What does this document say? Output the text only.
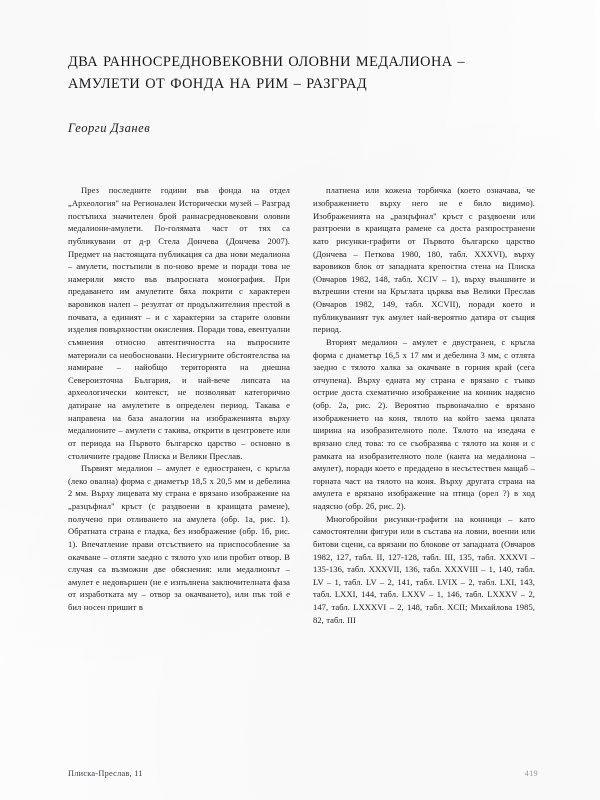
ДВА РАННОСРЕДНОВЕКОВНИ ОЛОВНИ МЕДАЛИОНА –
АМУЛЕТИ ОТ ФОНДА НА РИМ – РАЗГРАД
Георги Дзанев

През последните години във фонда на отдел „Археология" на Регионален Исторически музей – Разград постъпиха значителен брой раннасредновековни оловни медалиони-амулети. По-голямата част от тях са публикувани от д-р Стела Дончева (Дончева 2007). Предмет на настоящата публикация са два нови медалиона – амулети, постъпили в по-ново време и поради това не намерили място във въпросната монография. При предаването им амулетите бяха покрити с характерен варовиков налеп – резултат от продължителния престой в почвата, а единият – и с характерни за старите оловни изделия повърхностни окисления. Поради това, евентуални съмнения относно автентичността на въпросните материали са необосновани. Несигурните обстоятелства на намиране – найобщо територията на днешна Североизточна България, и най-вече липсата на археологически контекст, не позволяват категорично датиране на амулетите в определен период. Такава е направена на база аналогии на изображенията върху медалионите – амулети с такива, открити в центровете или от периода на Първото българско царство – основно в столичните градове Плиска и Велики Преслав.

Първият медалион – амулет е едностранен, с кръгла (леко овална) форма с диаметър 18,5 х 20,5 мм и дебелина 2 мм. Върху лицевата му страна е врязано изображение на „разцъфнал" кръст (с раздвоени в краищата рамене), получено при отливането на амулета (обр. 1а, рис. 1). Обратната страна е гладка, без изображение (обр. 1б, рис. 1). Впечатление прави отсъствието на приспособление за окачване – отляти заедно с тялото ухо или пробит отвор. В случая са възможни две обяснения: или медалионът – амулет е недовършен (не е изпълнена заключителната фаза от изработката му – отвор за окачването), или пък той е бил носен пришит в

платнена или кожена торбичка (което означава, че изображението върху него не е било видимо). Изображенията на „разцъфнал" кръст с раздвоени или разтроени в краищата рамене са доста разпространени като рисунки-графити от Първото българско царство (Дончева – Петкова 1980, 180, табл. XXXVI), върху варовиков блок от западната крепостна стена на Плиска (Овчаров 1982, 148, табл. XCIV – 1), върху външните и вътрешни стени на Кръглата църква във Велики Преслав (Овчаров 1982, 149, табл. XCVII), поради което и публикуваният тук амулет най-вероятно датира от същия период.

Вторият медалион – амулет е двустранен, с кръгла форма с диаметър 16,5 х 17 мм и дебелина 3 мм, с отлята заедно с тялото халка за окачване в горния край (сега отчупена). Върху едната му страна е врязано с тънко острие доста схематично изображение на конник надясно (обр. 2а, рис. 2). Вероятно първоначално е врязано изображението на коня, тялото на който заема цялата ширина на изобразителното поле. Тялото на изедача е врязано след това: то се съобразява с тялото на коня и с рамката на изобразителното поле (канта на медалиона – амулет), поради което е предадено в несъстествен мащаб – горната част на тялото на коня. Върху другата страна на амулета е врязано изображение на птица (орел ?) в ход надясно (обр. 2б, рис. 2).

Многобройни рисунки-графити на конници – като самостоятелни фигури или в състава на ловни, военни или битови сцени, са врязани по блокове от западната (Овчаров 1982, 127, табл. II, 127-128, табл. III, 135, табл. XXXVI – 135-136, табл. XXXVII, 136, табл. XXXVIII – 1, 140, табл. LV – 1, табл. LV – 2, 141, табл. LVIX – 2, табл. LXI, 143, табл. LXXI, 144, табл. LXXV – 1, 146, табл. LXXXV – 2, 147, табл. LXXXVI – 2, 148, табл. XCII; Михайлова 1985, 82, табл. III

Плиска-Преслав, 11	419
